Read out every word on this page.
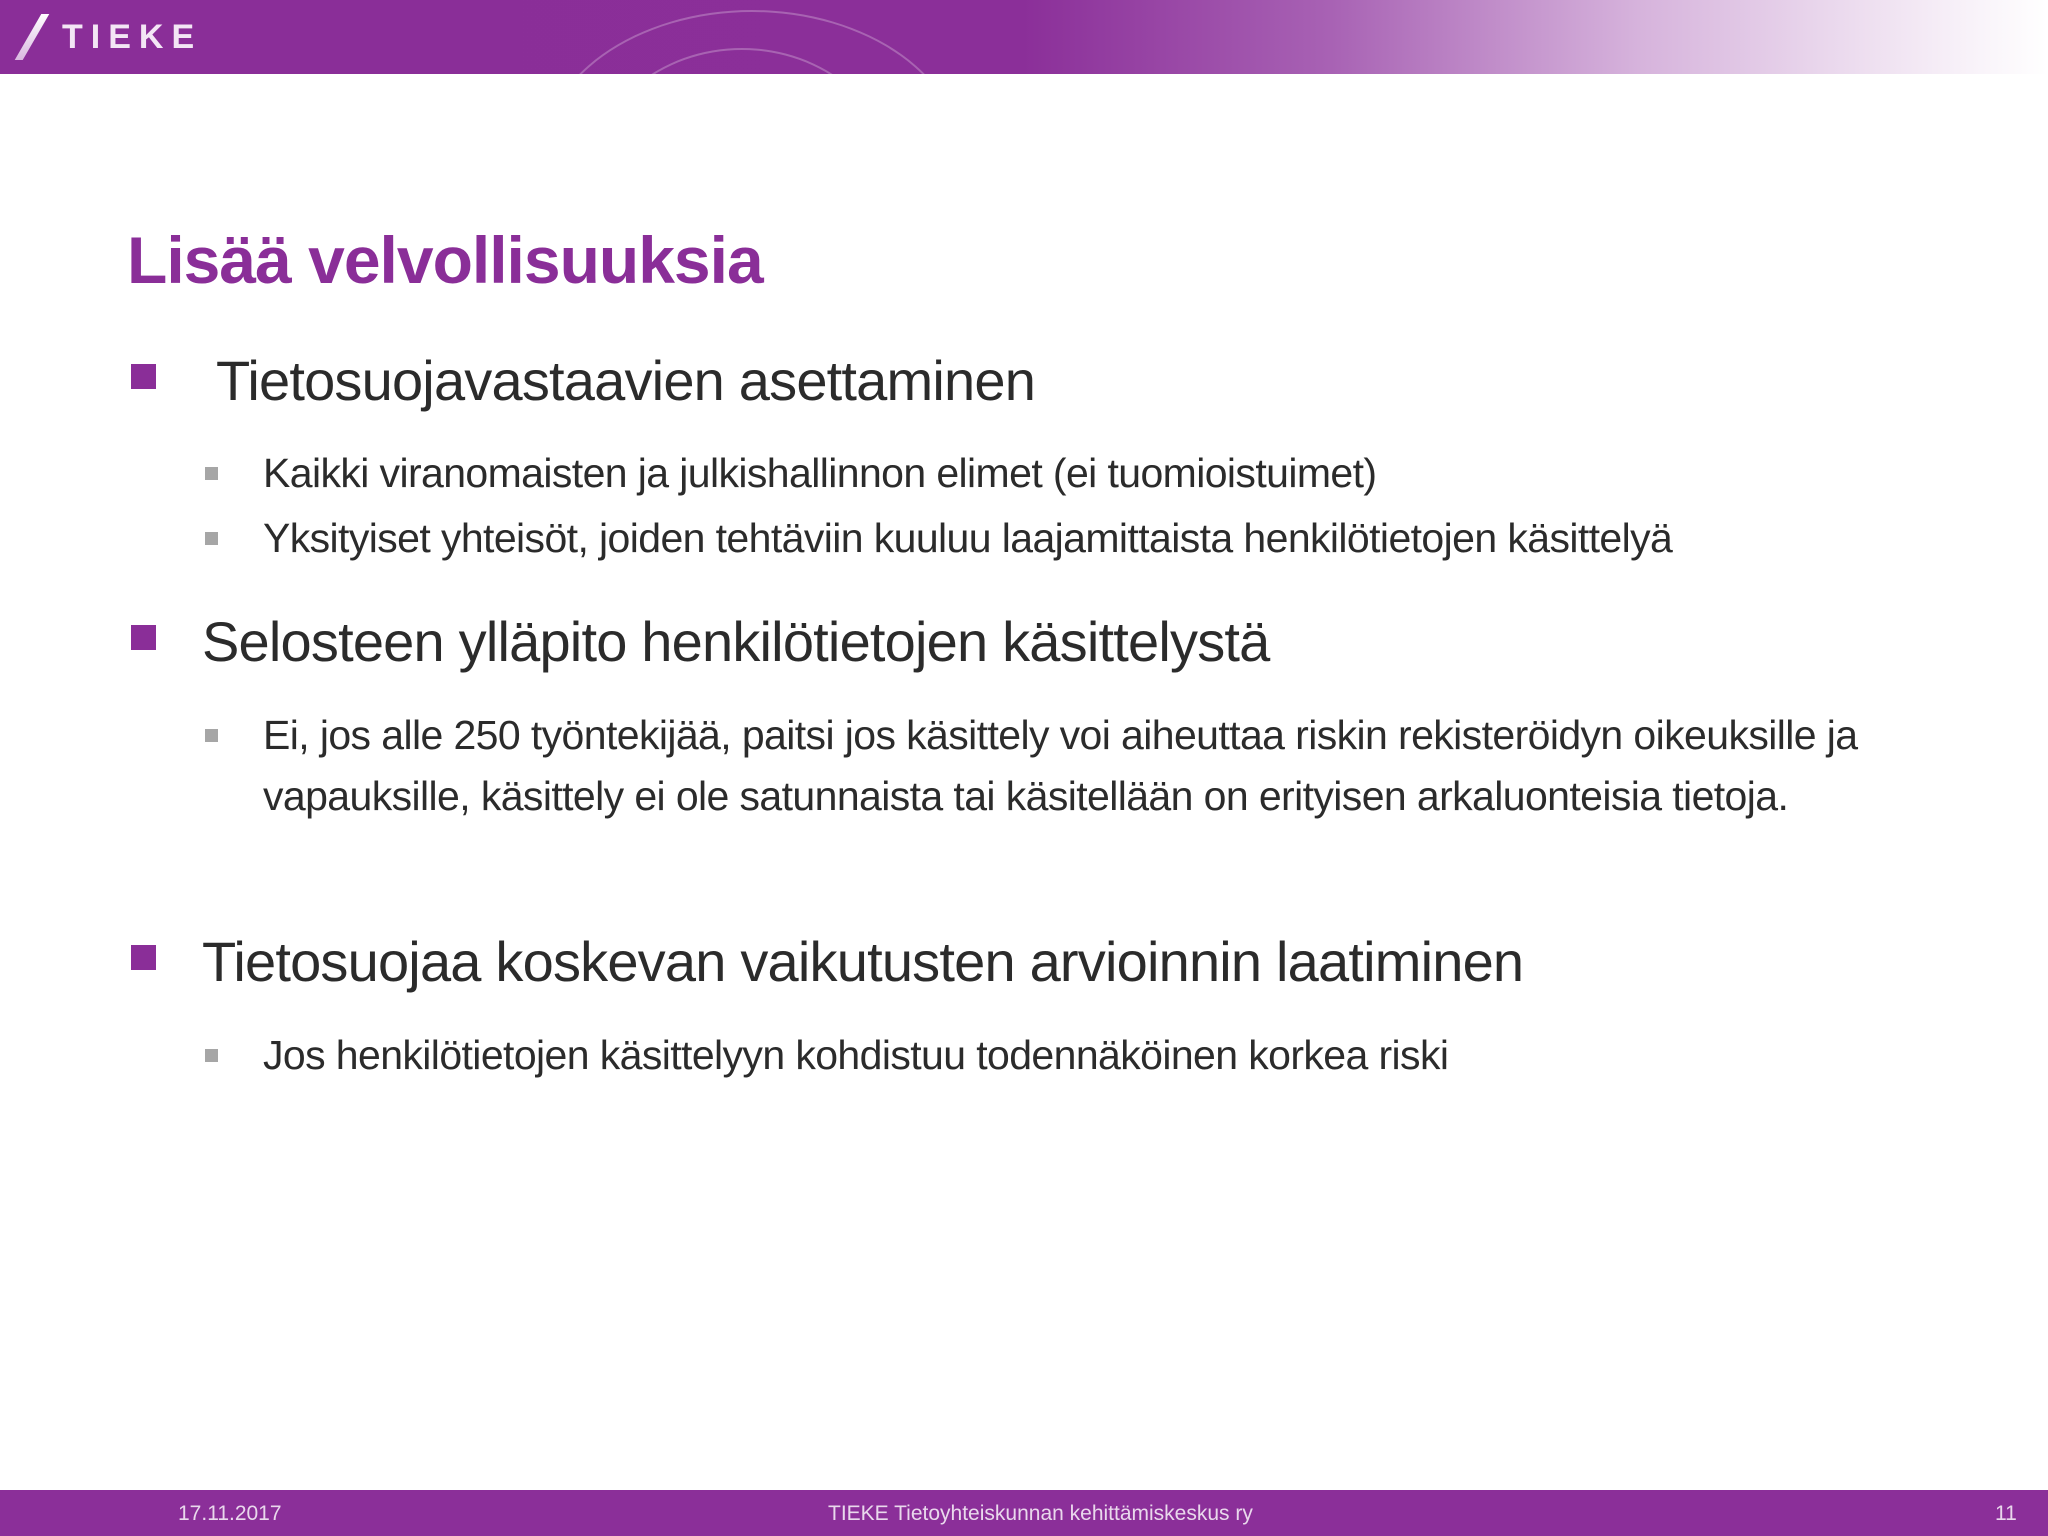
TIEKE
Lisää velvollisuuksia
Tietosuojavastaavien asettaminen
Kaikki viranomaisten ja julkishallinnon elimet (ei tuomioistuimet)
Yksityiset yhteisöt, joiden tehtäviin kuuluu laajamittaista henkilötietojen käsittelyä
Selosteen ylläpito henkilötietojen käsittelystä
Ei, jos alle 250 työntekijää, paitsi jos käsittely voi aiheuttaa riskin rekisteröidyn oikeuksille ja vapauksille, käsittely ei ole satunnaista tai käsitellään on erityisen arkaluonteisia tietoja.
Tietosuojaa koskevan vaikutusten arvioinnin laatiminen
Jos henkilötietojen käsittelyyn kohdistuu todennäköinen korkea riski
17.11.2017	TIEKE Tietoyhteiskunnan kehittämiskeskus ry	11
